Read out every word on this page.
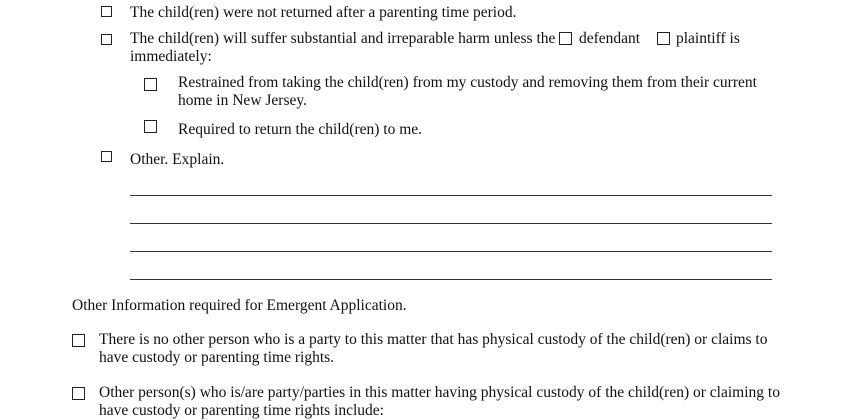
The child(ren) were not returned after a parenting time period.
The child(ren) will suffer substantial and irreparable harm unless the defendant plaintiff is
immediately:
Restrained from taking the child(ren) from my custody and removing them from their current
home in New Jersey.
Required to return the child(ren) to me.
Other. Explain.
Other Information required for Emergent Application.
There is no other person who is a party to this matter that has physical custody of the child(ren) or claims to
have custody or parenting time rights.
Other person(s) who is/are party/parties in this matter having physical custody of the child(ren) or claiming to
have custody or parenting time rights include:
